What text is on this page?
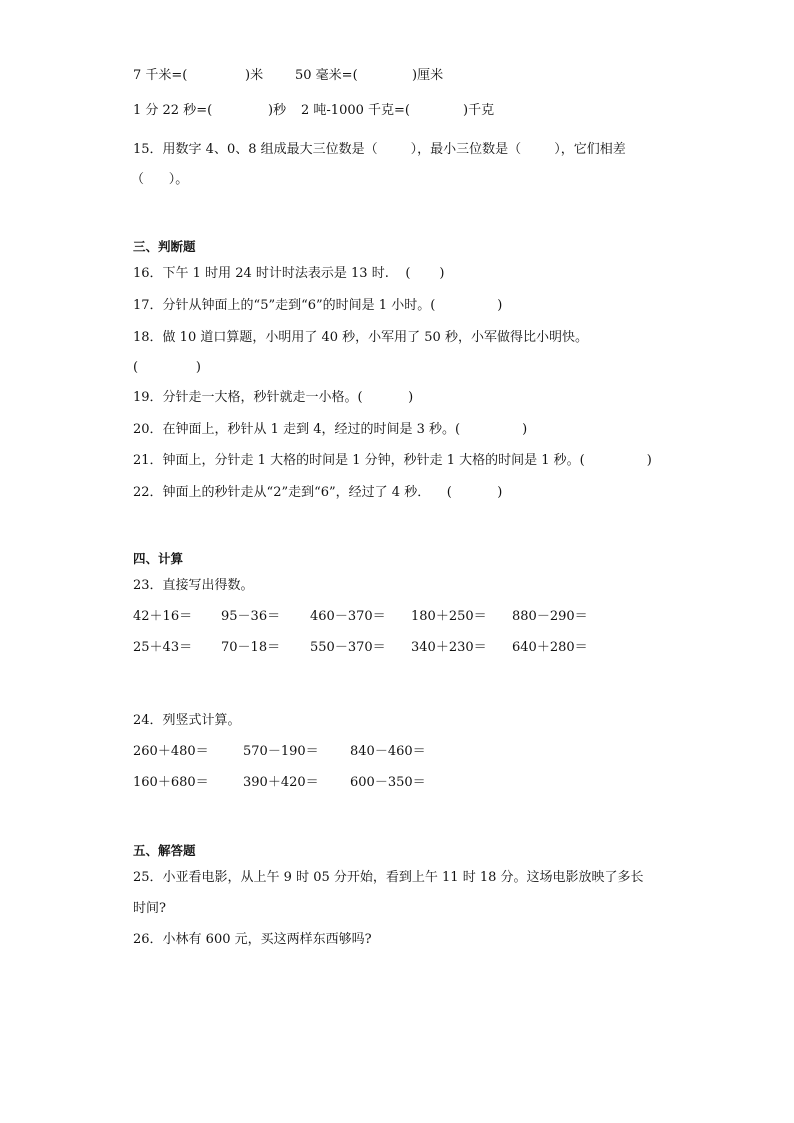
7 千米=(	)米 50 毫米=(	)厘米
1 分 22 秒=(	)秒 2 吨-1000 千克=(	)千克
15．用数字 4、0、8 组成最大三位数是（        ），最小三位数是（        ），它们相差
（      ）。
三、判断题
16．下午 1 时用 24 时计时法表示是 13 时.    (       )
17．分针从钟面上的“5”走到“6”的时间是 1 小时。(               )
18．做 10 道口算题，小明用了 40 秒，小军用了 50 秒，小军做得比小明快。
(              )
19．分针走一大格，秒针就走一小格。(           )
20．在钟面上，秒针从 1 走到 4，经过的时间是 3 秒。(               )
21．钟面上，分针走 1 大格的时间是 1 分钟，秒针走 1 大格的时间是 1 秒。(               )
22．钟面上的秒针走从“2”走到“6”，经过了 4 秒．    (           )
四、计算
23．直接写出得数。
42＋16＝ 95－36＝ 460－370＝ 180＋250＝ 880－290＝
25＋43＝ 70－18＝ 550－370＝ 340＋230＝ 640＋280＝
24．列竖式计算。
260＋480＝	570－190＝ 840－460＝
160＋680＝	390＋420＝ 600－350＝
五、解答题
25．小亚看电影，从上午 9 时 05 分开始，看到上午 11 时 18 分。这场电影放映了多长
时间?
26．小林有 600 元，买这两样东西够吗?
